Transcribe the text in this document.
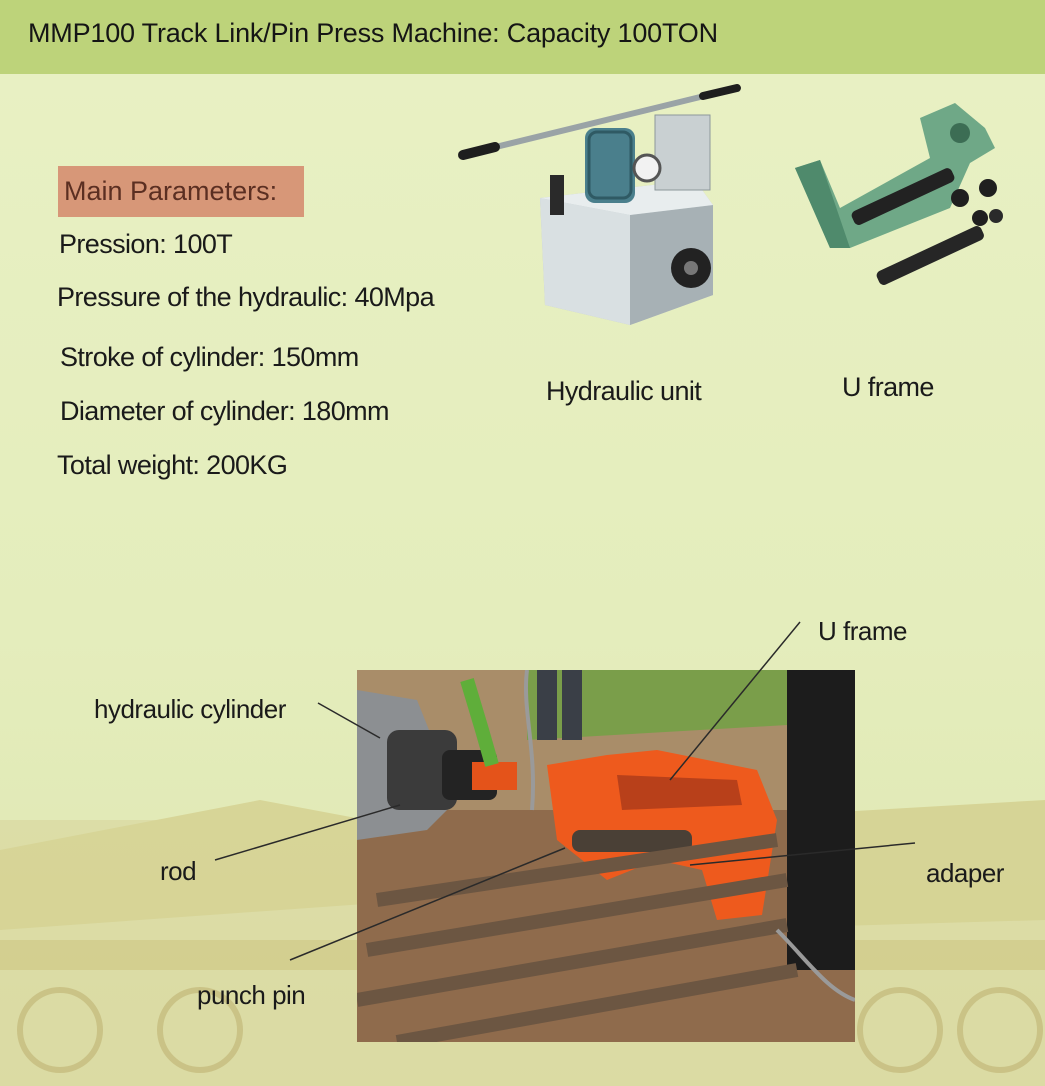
MMP100 Track Link/Pin Press Machine: Capacity 100TON
Main Parameters:
Pression: 100T
Pressure of the hydraulic: 40Mpa
Stroke of cylinder: 150mm
Diameter of cylinder: 180mm
Total weight: 200KG
Hydraulic unit	U frame
U frame
hydraulic cylinder
rod	adaper
punch pin
